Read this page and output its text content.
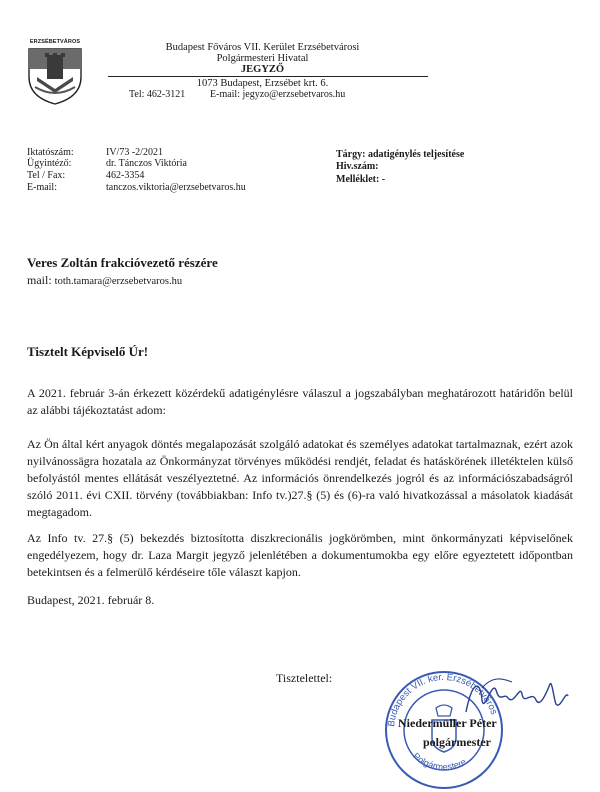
ERZSÉBETVÁROS	Budapest Főváros VII. Kerület Erzsébetvárosi
Polgármesteri Hivatal
JEGYZŐ
1073 Budapest, Erzsébet krt. 6.
Tel: 462-3121 E-mail: jegyzo@erzsebetvaros.hu
Iktatószám:
Ügyintéző:
Tel / Fax:
E-mail:
IV/73 -2/2021
dr. Tánczos Viktória
462-3354
tanczos.viktoria@erzsebetvaros.hu
Tárgy: adatigénylés teljesítése
Hiv.szám:
Melléklet: -
Veres Zoltán frakcióvezető részére
mail: toth.tamara@erzsebetvaros.hu
Tisztelt Képviselő Úr!
A 2021. február 3-án érkezett közérdekű adatigénylésre válaszul a jogszabályban meghatározott határidőn belül az alábbi tájékoztatást adom:
Az Ön által kért anyagok döntés megalapozását szolgáló adatokat és személyes adatokat tartalmaznak, ezért azok nyilvánossägra hozatala az Önkormányzat törvényes működési rendjét, feladat és hatáskörének illetéktelen külső befolyástól mentes ellátását veszélyeztetné. Az információs önrendelkezés jogról és az információszabadságról szóló 2011. évi CXII. törvény (továbbiakban: Info tv.)27.§ (5) és (6)-ra való hivatkozással a másolatok kiadását megtagadom.
Az Info tv. 27.§ (5) bekezdés biztosította diszkrecionális jogkörömben, mint önkormányzati képviselőnek engedélyezem, hogy dr. Laza Margit jegyző jelenlétében a dokumentumokba egy előre egyeztetett időpontban betekintsen és a felmerülő kérdéseire tőle választ kapjon.
Budapest, 2021. február 8.
Tisztelettel:
Budapest VII. ker. Erzsébetváros
Polgármestere
Niedermüller Péter
polgármester
